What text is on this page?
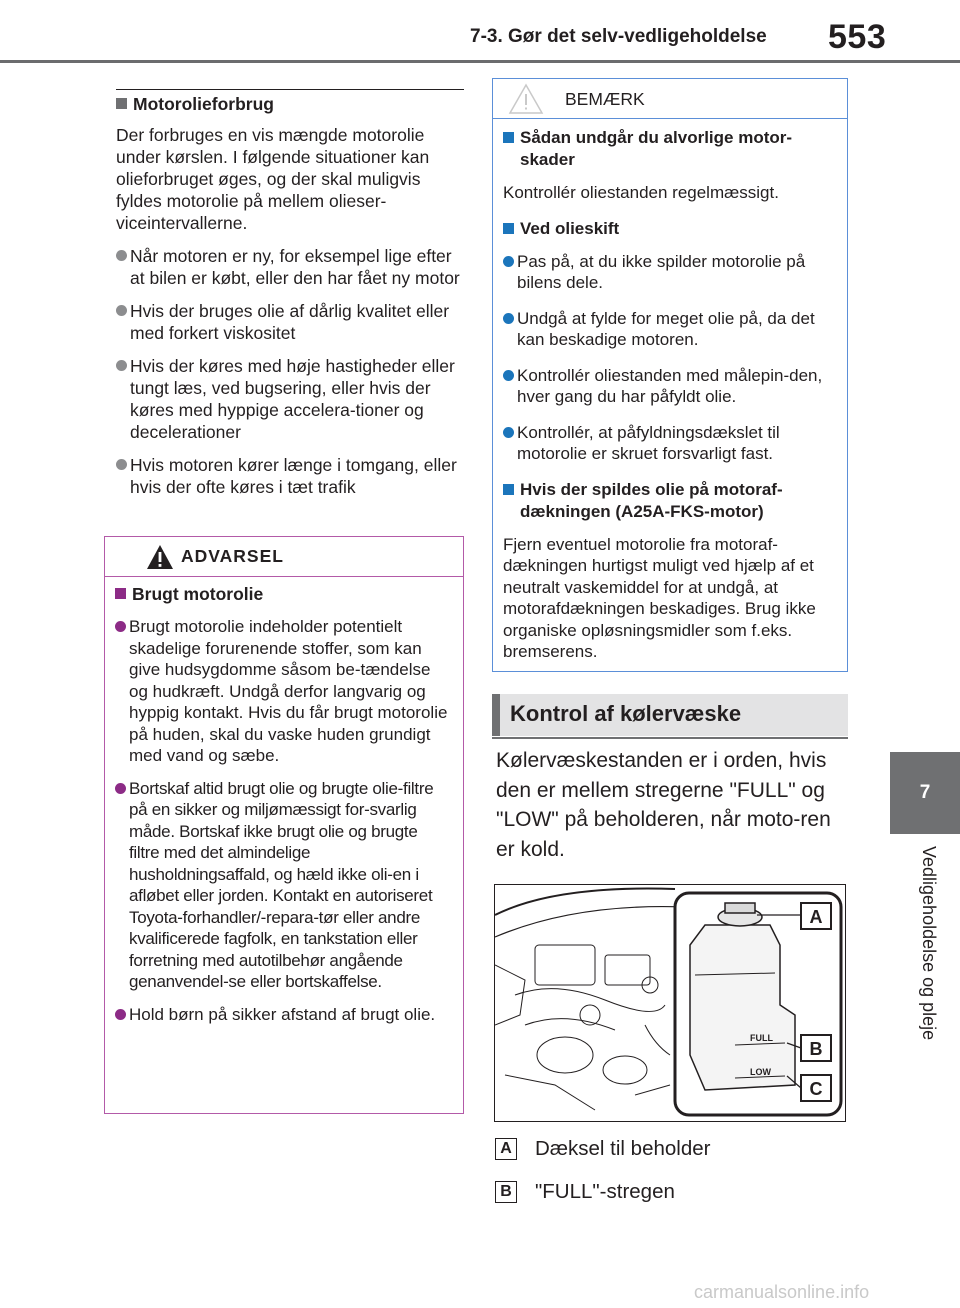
7-3. Gør det selv-vedligeholdelse 553
7
Vedligeholdelse og pleje
Motorolieforbrug
Der forbruges en vis mængde motorolie under kørslen. I følgende situationer kan olieforbruget øges, og der skal muligvis fyldes motorolie på mellem olieser-viceintervallerne.
Når motoren er ny, for eksempel lige efter at bilen er købt, eller den har fået ny motor
Hvis der bruges olie af dårlig kvalitet eller med forkert viskositet
Hvis der køres med høje hastigheder eller tungt læs, ved bugsering, eller hvis der køres med hyppige accelera-tioner og decelerationer
Hvis motoren kører længe i tomgang, eller hvis der ofte køres i tæt trafik
ADVARSEL
Brugt motorolie
Brugt motorolie indeholder potentielt skadelige forurenende stoffer, som kan give hudsygdomme såsom be-tændelse og hudkræft. Undgå derfor langvarig og hyppig kontakt. Hvis du får brugt motorolie på huden, skal du vaske huden grundigt med vand og sæbe.
Bortskaf altid brugt olie og brugte olie-filtre på en sikker og miljømæssigt for-svarlig måde. Bortskaf ikke brugt olie og brugte filtre med det almindelige husholdningsaffald, og hæld ikke oli-en i afløbet eller jorden. Kontakt en autoriseret Toyota-forhandler/-repara-tør eller andre kvalificerede fagfolk, en tankstation eller forretning med autotilbehør angående genanvendel-se eller bortskaffelse.
Hold børn på sikker afstand af brugt olie.
BEMÆRK
Sådan undgår du alvorlige motor-skader
Kontrollér oliestanden regelmæssigt.
Ved olieskift
Pas på, at du ikke spilder motorolie på bilens dele.
Undgå at fylde for meget olie på, da det kan beskadige motoren.
Kontrollér oliestanden med målepin-den, hver gang du har påfyldt olie.
Kontrollér, at påfyldningsdækslet til motorolie er skruet forsvarligt fast.
Hvis der spildes olie på motoraf-dækningen (A25A-FKS-motor)
Fjern eventuel motorolie fra motoraf-dækningen hurtigst muligt ved hjælp af et neutralt vaskemiddel for at undgå, at motorafdækningen beskadiges. Brug ikke organiske opløsningsmidler som f.eks. bremserens.
Kontrol af kølervæske
Kølervæskestanden er i orden, hvis den er mellem stregerne "FULL" og "LOW" på beholderen, når moto-ren er kold.
FULL
LOW
A
B
C
A Dæksel til beholder
B "FULL"-stregen
carmanualsonline.info
